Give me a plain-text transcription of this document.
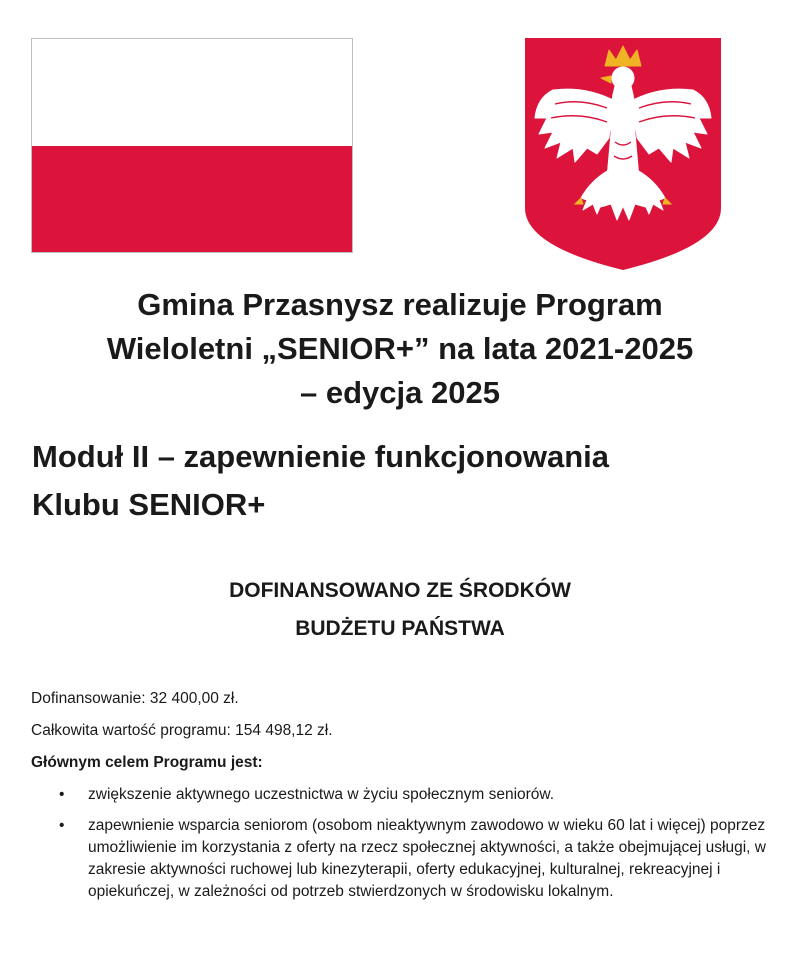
Gmina Przasnysz realizuje Program
Wieloletni „SENIOR+” na lata 2021-2025
– edycja 2025
Moduł II – zapewnienie funkcjonowania
Klubu SENIOR+
DOFINANSOWANO ZE ŚRODKÓW
BUDŻETU PAŃSTWA

Dofinansowanie: 32 400,00 zł.

Całkowita wartość programu: 154 498,12 zł.

Głównym celem Programu jest:

• zwiększenie aktywnego uczestnictwa w życiu społecznym seniorów.
• zapewnienie wsparcia seniorom (osobom nieaktywnym zawodowo w wieku 60 lat i więcej) poprzez umożliwienie im korzystania z oferty na rzecz społecznej aktywności, a także obejmującej usługi, w zakresie aktywności ruchowej lub kinezyterapii, oferty edukacyjnej, kulturalnej, rekreacyjnej i opiekuńczej, w zależności od potrzeb stwierdzonych w środowisku lokalnym.
